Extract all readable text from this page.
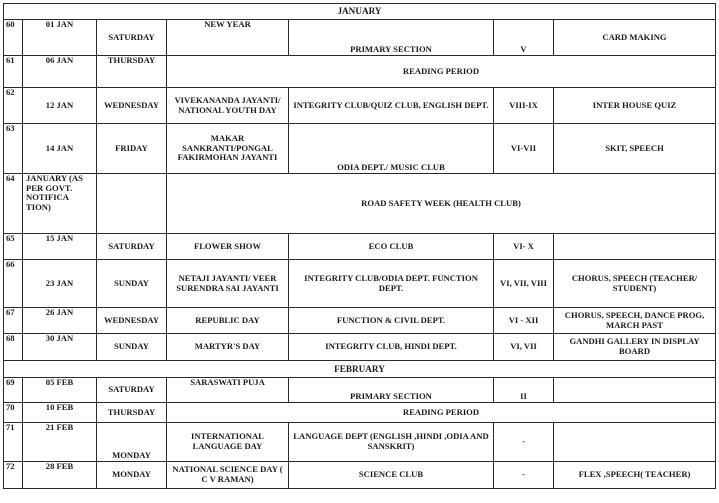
JANUARY						
60	01 JAN	SATURDAY	NEW YEAR	PRIMARY SECTION	V	CARD MAKING
61	06 JAN	THURSDAY	READING PERIOD			
62	12 JAN	WEDNESDAY	VIVEKANANDA JAYANTI/ NATIONAL YOUTH DAY	INTEGRITY CLUB/QUIZ CLUB, ENGLISH DEPT.	VIII-IX	INTER HOUSE QUIZ
63	14 JAN	FRIDAY	MAKAR SANKRANTI/PONGAL FAKIRMOHAN JAYANTI	ODIA DEPT./ MUSIC CLUB	VI-VII	SKIT, SPEECH
64	JANUARY (AS PER GOVT. NOTIFICA TION)		ROAD SAFETY WEEK (HEALTH CLUB)			
65	15 JAN	SATURDAY	FLOWER SHOW	ECO CLUB	VI- X	
66	23 JAN	SUNDAY	NETAJI JAYANTI/ VEER SURENDRA SAI JAYANTI	INTEGRITY CLUB/ODIA DEPT. FUNCTION DEPT.	VI, VII, VIII	CHORUS, SPEECH (TEACHER/ STUDENT)
67	26 JAN	WEDNESDAY	REPUBLIC DAY	FUNCTION & CIVIL DEPT.	VI - XII	CHORUS, SPEECH, DANCE PROG, MARCH PAST
68	30 JAN	SUNDAY	MARTYR'S DAY	INTEGRITY CLUB, HINDI DEPT.	VI, VII	GANDHI GALLERY IN DISPLAY BOARD
FEBRUARY						
69	05 FEB	SATURDAY	SARASWATI PUJA	PRIMARY SECTION	II	
70	10 FEB	THURSDAY	READING PERIOD			
71	21 FEB	MONDAY	INTERNATIONAL LANGUAGE DAY	LANGUAGE DEPT (ENGLISH ,HINDI ,ODIA AND SANSKRIT)	-	
72	28 FEB	MONDAY	NATIONAL SCIENCE DAY ( C V RAMAN)	SCIENCE CLUB	-	FLEX ,SPEECH( TEACHER)
